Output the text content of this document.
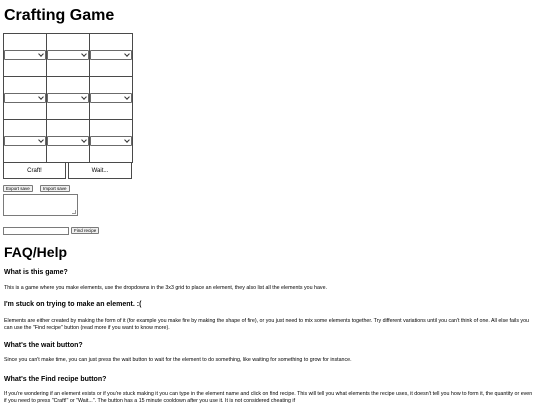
Crafting Game

Craft!	Wait...
Export save	Import save
Find recipe
FAQ/Help
What is this game?

This is a game where you make elements, use the dropdowns in the 3x3 grid to place an element, they also list all the elements you have.

I'm stuck on trying to make an element. :(

Elements are either created by making the form of it (for example you make fire by making the shape of fire), or you just need to mix some elements together. Try different variations until you can't think of one. All else fails you can use the "Find recipe" button (read more if you want to know more).

What's the wait button?

Since you can't make time, you can just press the wait button to wait for the element to do something, like waiting for something to grow for instance.

What's the Find recipe button?

If you're wondering if an element exists or if you're stuck making it you can type in the element name and click on find recipe. This will tell you what elements the recipe uses, it doesn't tell you how to form it, the quantity or even if you need to press "Craft!" or "Wait...". The button has a 15 minute cooldown after you use it. It is not considered cheating if
